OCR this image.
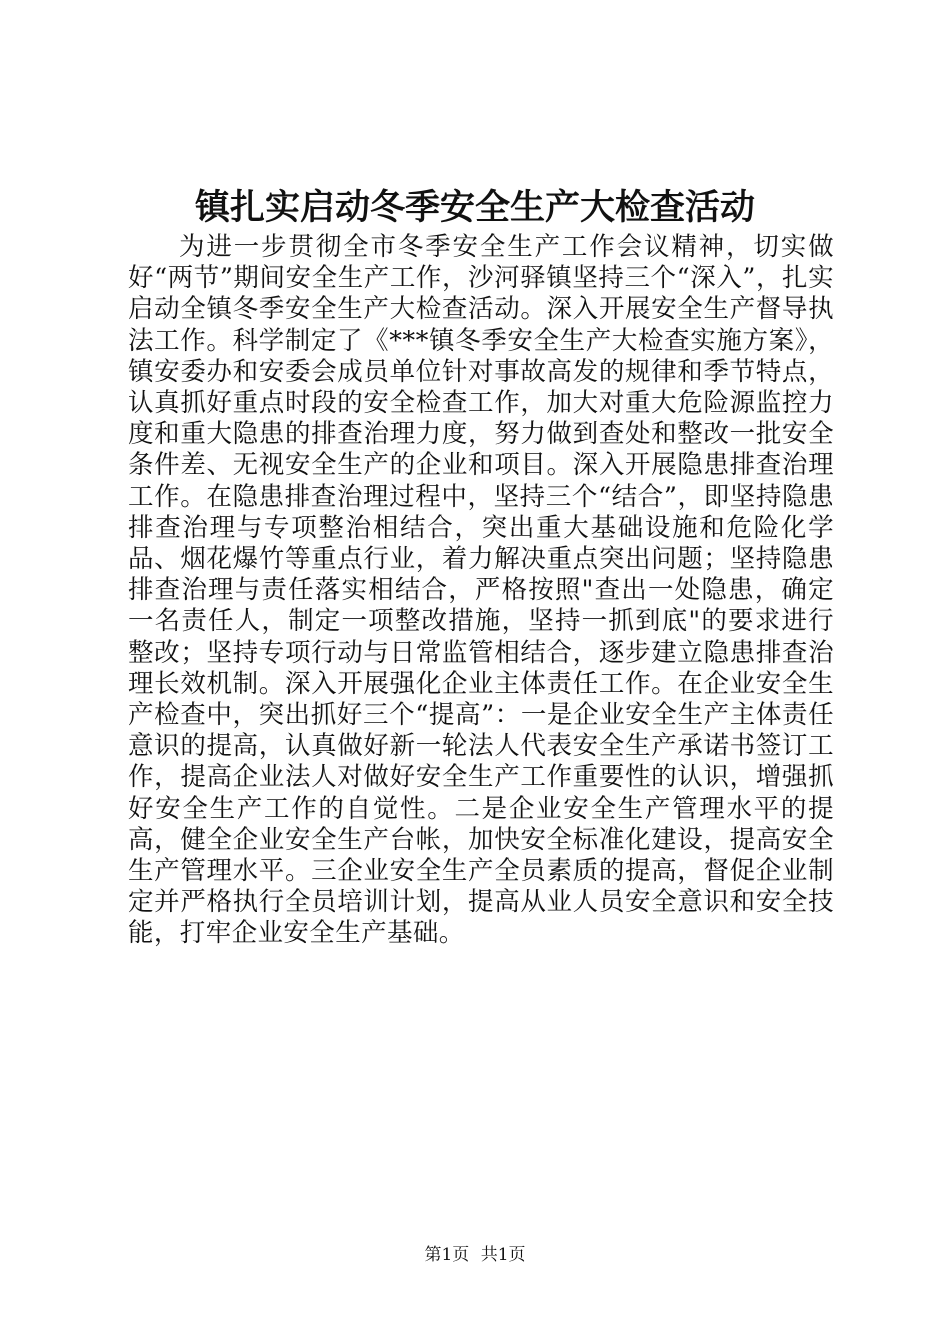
镇扎实启动冬季安全生产大检查活动

为进一步贯彻全市冬季安全生产工作会议精神，切实做好“两节”期间安全生产工作，沙河驿镇坚持三个“深入”，扎实启动全镇冬季安全生产大检查活动。深入开展安全生产督导执法工作。科学制定了《***镇冬季安全生产大检查实施方案》，镇安委办和安委会成员单位针对事故高发的规律和季节特点，认真抓好重点时段的安全检查工作，加大对重大危险源监控力度和重大隐患的排查治理力度，努力做到查处和整改一批安全条件差、无视安全生产的企业和项目。深入开展隐患排查治理工作。在隐患排查治理过程中，坚持三个“结合”，即坚持隐患排查治理与专项整治相结合，突出重大基础设施和危险化学品、烟花爆竹等重点行业，着力解决重点突出问题；坚持隐患排查治理与责任落实相结合，严格按照"查出一处隐患，确定一名责任人，制定一项整改措施，坚持一抓到底"的要求进行整改；坚持专项行动与日常监管相结合，逐步建立隐患排查治理长效机制。深入开展强化企业主体责任工作。在企业安全生产检查中，突出抓好三个“提高”：一是企业安全生产主体责任意识的提高，认真做好新一轮法人代表安全生产承诺书签订工作，提高企业法人对做好安全生产工作重要性的认识，增强抓好安全生产工作的自觉性。二是企业安全生产管理水平的提高，健全企业安全生产台帐，加快安全标准化建设，提高安全生产管理水平。三企业安全生产全员素质的提高，督促企业制定并严格执行全员培训计划，提高从业人员安全意识和安全技能，打牢企业安全生产基础。

第1页 共1页
